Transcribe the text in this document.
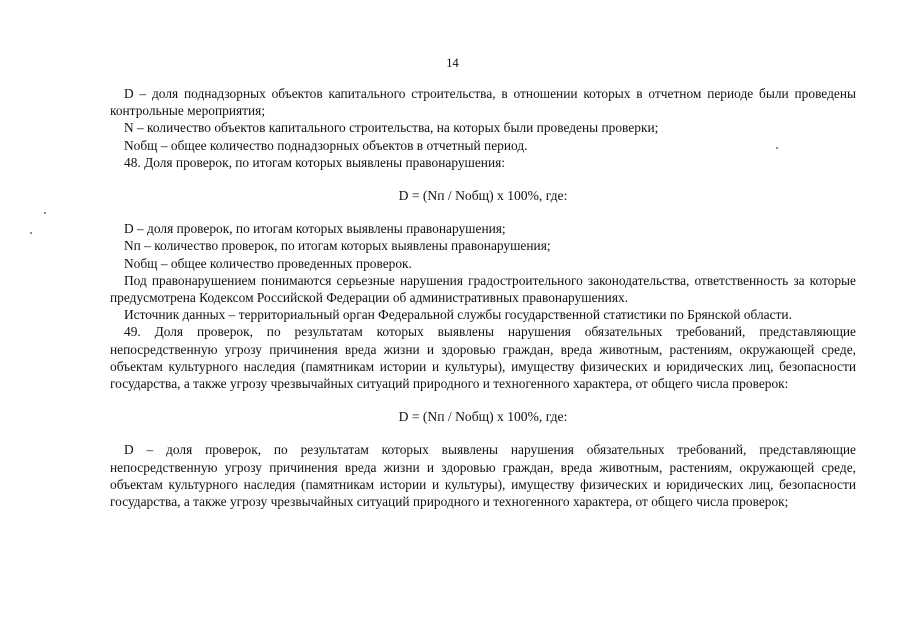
14

D – доля поднадзорных объектов капитального строительства, в отношении которых в отчетном периоде были проведены контрольные мероприятия;

N – количество объектов капитального строительства, на которых были проведены проверки;

Nобщ – общее количество поднадзорных объектов в отчетный период.

48. Доля проверок, по итогам которых выявлены правонарушения:

D = (Nп / Nобщ) x 100%, где:

D – доля проверок, по итогам которых выявлены правонарушения;

Nп – количество проверок, по итогам которых выявлены правонарушения;

Nобщ – общее количество проведенных проверок.

Под правонарушением понимаются серьезные нарушения градостроительного законодательства, ответственность за которые предусмотрена Кодексом Российской Федерации об административных правонарушениях.

Источник данных – территориальный орган Федеральной службы государственной статистики по Брянской области.

49. Доля проверок, по результатам которых выявлены нарушения обязательных требований, представляющие непосредственную угрозу причинения вреда жизни и здоровью граждан, вреда животным, растениям, окружающей среде, объектам культурного наследия (памятникам истории и культуры), имуществу физических и юридических лиц, безопасности государства, а также угрозу чрезвычайных ситуаций природного и техногенного характера, от общего числа проверок:

D = (Nп / Nобщ) x 100%, где:

D – доля проверок, по результатам которых выявлены нарушения обязательных требований, представляющие непосредственную угрозу причинения вреда жизни и здоровью граждан, вреда животным, растениям, окружающей среде, объектам культурного наследия (памятникам истории и культуры), имуществу физических и юридических лиц, безопасности государства, а также угрозу чрезвычайных ситуаций природного и техногенного характера, от общего числа проверок;
